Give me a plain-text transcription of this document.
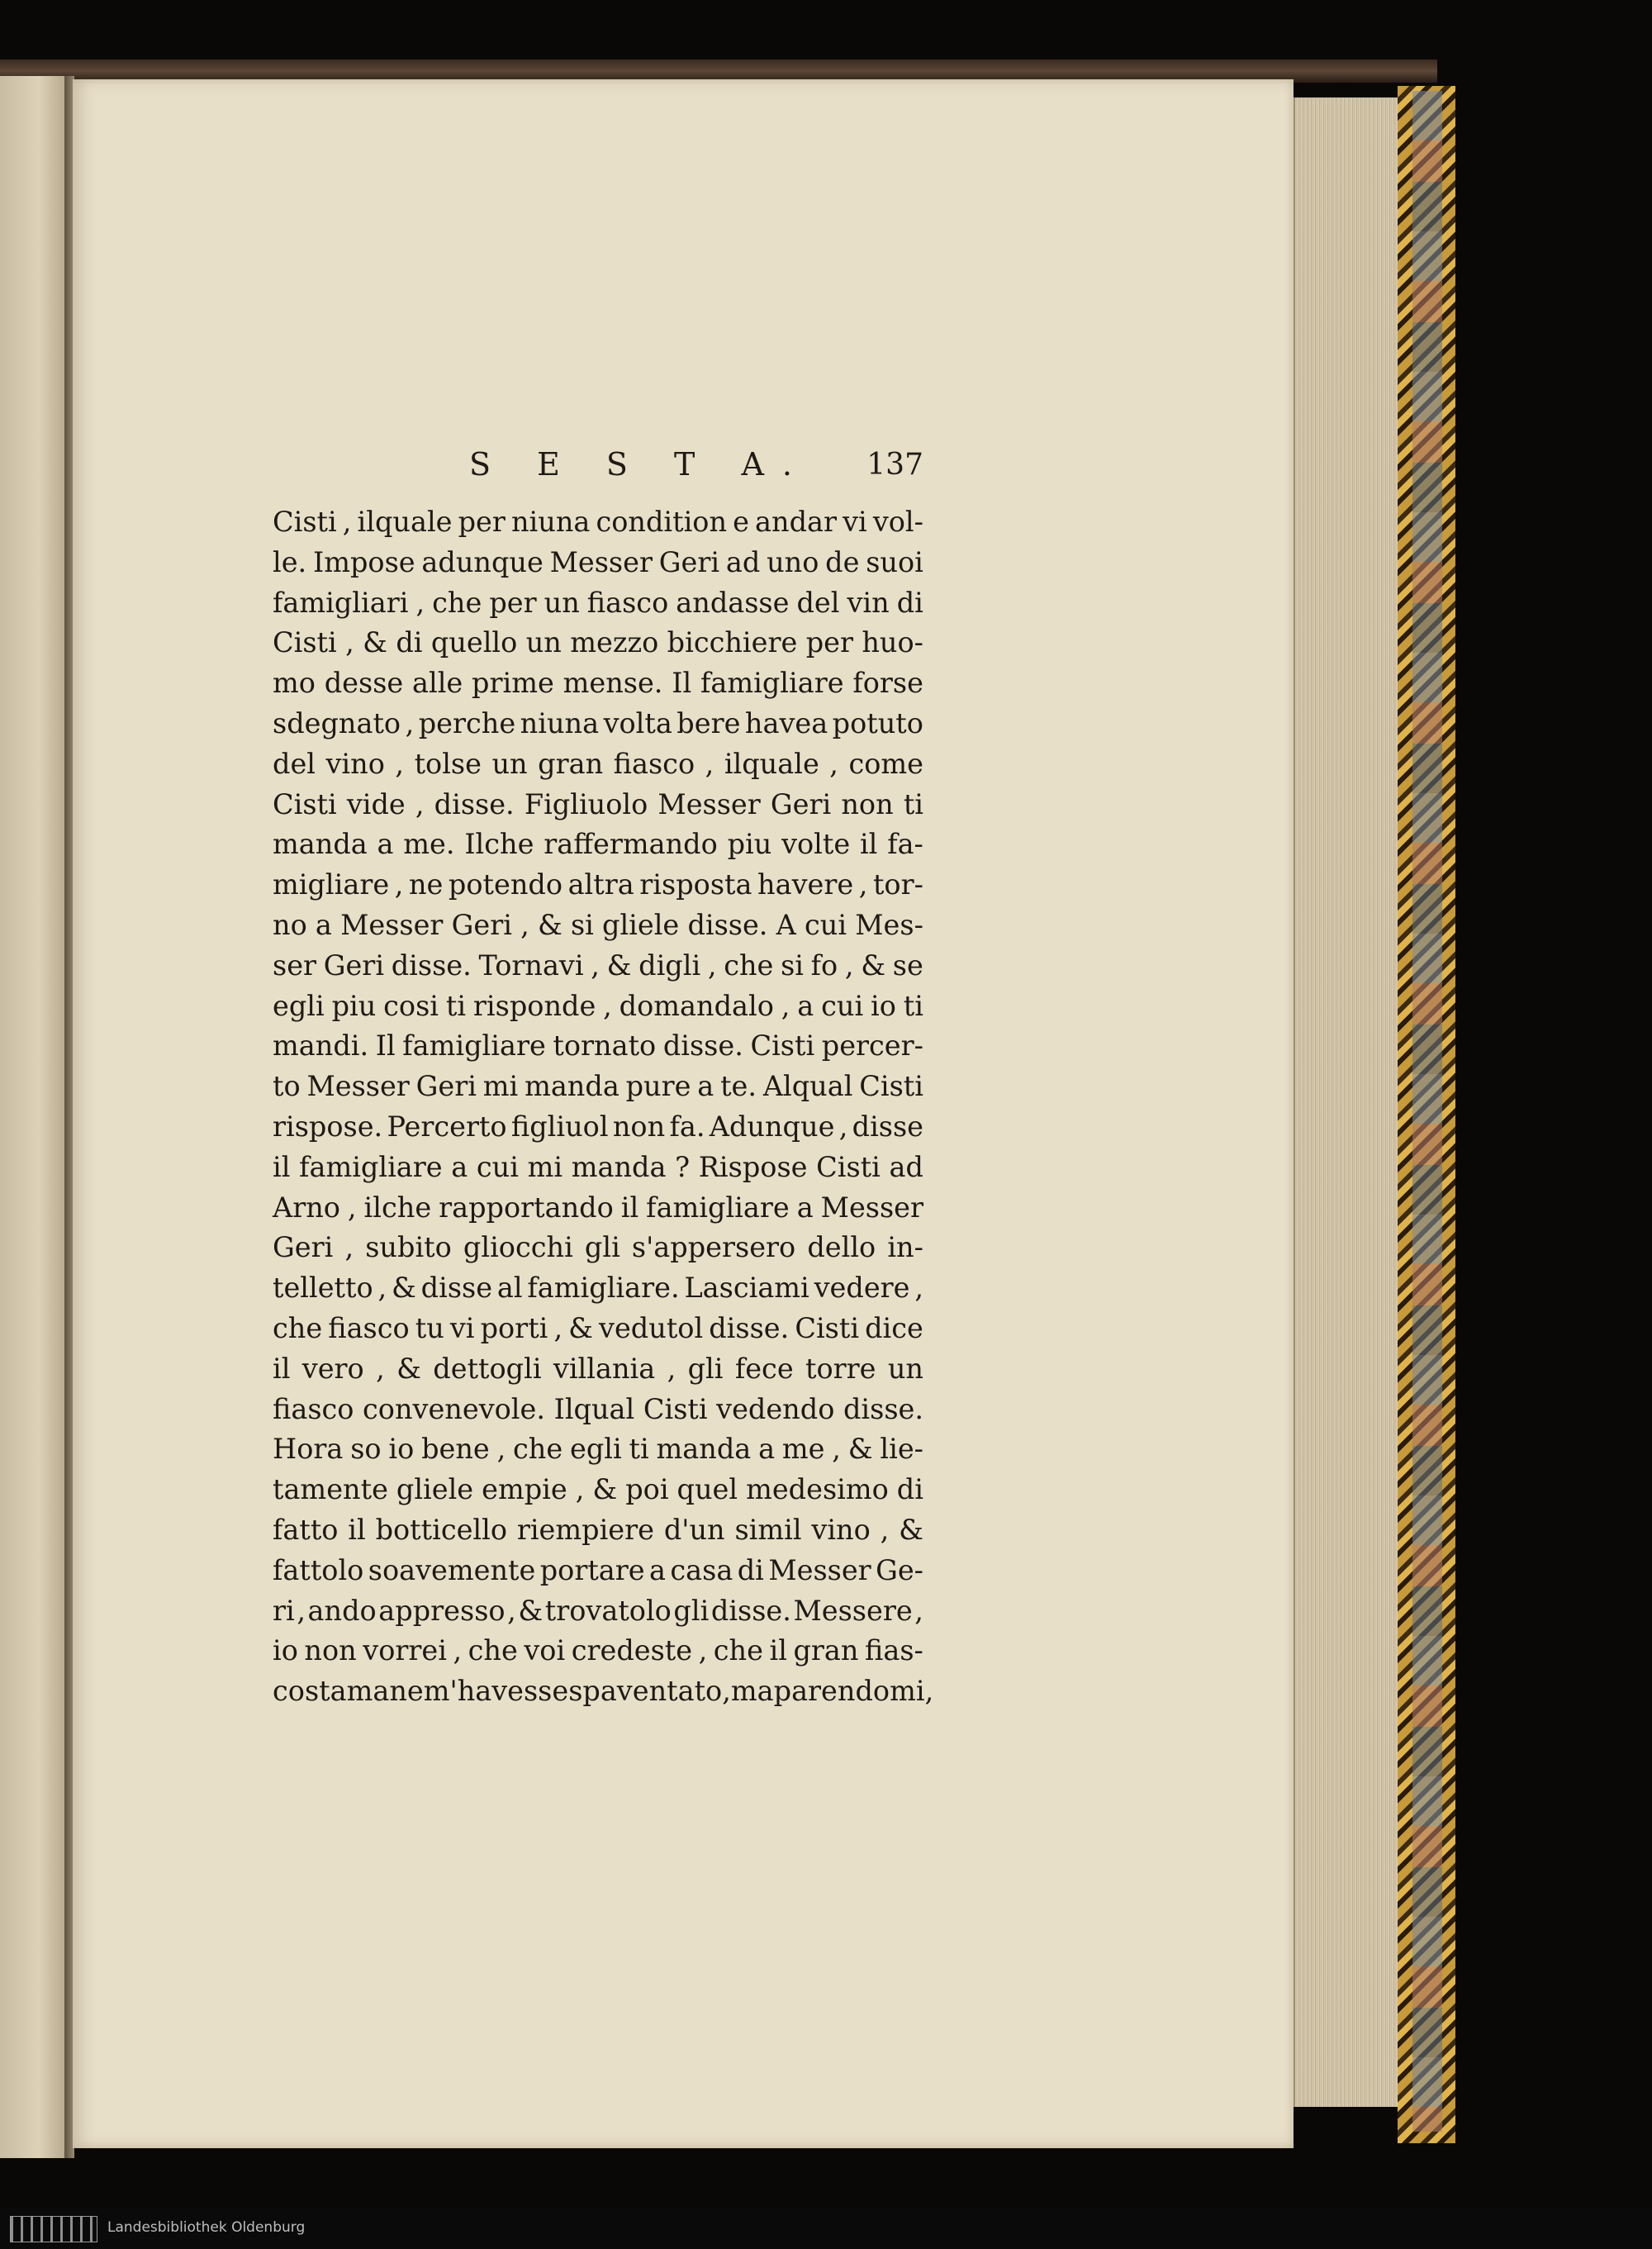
S E S T A. 137
Cisti , ilquale per niuna condition e andar vi vol-
le. Impose adunque Messer Geri ad uno de suoi
famigliari , che per un fiasco andasse del vin di
Cisti , & di quello un mezzo bicchiere per huo-
mo desse alle prime mense. Il famigliare forse
sdegnato , perche niuna volta bere havea potuto
del vino , tolse un gran fiasco , ilquale , come
Cisti vide , disse. Figliuolo Messer Geri non ti
manda a me. Ilche raffermando piu volte il fa-
migliare , ne potendo altra risposta havere , tor-
no a Messer Geri , & si gliele disse. A cui Mes-
ser Geri disse. Tornavi , & digli , che si fo , & se
egli piu cosi ti risponde , domandalo , a cui io ti
mandi. Il famigliare tornato disse. Cisti percer-
to Messer Geri mi manda pure a te. Alqual Cisti
rispose. Percerto figliuol non fa. Adunque , disse
il famigliare a cui mi manda ? Rispose Cisti ad
Arno , ilche rapportando il famigliare a Messer
Geri , subito gliocchi gli s'appersero dello in-
telletto , & disse al famigliare. Lasciami vedere ,
che fiasco tu vi porti , & vedutol disse. Cisti dice
il vero , & dettogli villania , gli fece torre un
fiasco convenevole. Ilqual Cisti vedendo disse.
Hora so io bene , che egli ti manda a me , & lie-
tamente gliele empie , & poi quel medesimo di
fatto il botticello riempiere d'un simil vino , &
fattolo soavemente portare a casa di Messer Ge-
ri , ando appresso , & trovatolo gli disse. Messere ,
io non vorrei , che voi credeste , che il gran fias-
co sta mane m'havesse spaventato , ma parendomi ,
Landesbibliothek Oldenburg
